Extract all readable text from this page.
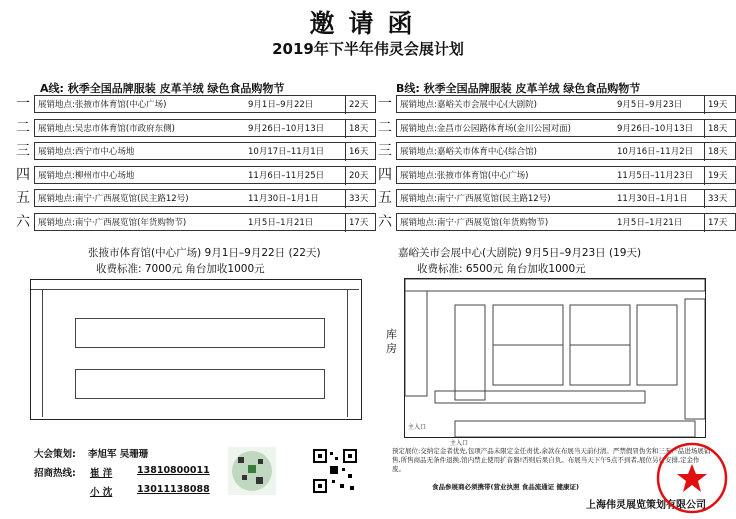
邀请函
2019年下半年伟灵会展计划
A线: 秋季全国品牌服装 皮革羊绒 绿色食品购物节	B线: 秋季全国品牌服装 皮革羊绒 绿色食品购物节
一 展销地点:张掖市体育馆(中心广场)	9月1日–9月22日	22天
二 展销地点:吴忠市体育馆(市政府东侧)	9月26日–10月13日	18天
三 展销地点:西宁市中心场地	10月17日–11月1日	16天
四 展销地点:柳州市中心场地	11月6日–11月25日	20天
五 展销地点:南宁·广西展览馆(民主路12号)	11月30日–1月1日	33天
六 展销地点:南宁·广西展览馆(年货购物节)	1月5日–1月21日	17天
一 展销地点:嘉峪关市会展中心(大剧院)	9月5日–9月23日	19天
二 展销地点:金昌市公园路体育场(金川公园对面)	9月26日–10月13日	18天
三 展销地点:嘉峪关市体育中心(综合馆)	10月16日–11月2日	18天
四 展销地点:张掖市体育馆(中心广场)	11月5日–11月23日	19天
五 展销地点:南宁·广西展览馆(民主路12号)	11月30日–1月1日	33天
六 展销地点:南宁·广西展览馆(年货购物节)	1月5日–1月21日	17天
张掖市体育馆(中心广场) 9月1日–9月22日 (22天)
收费标准: 7000元 角台加收1000元
嘉峪关市会展中心(大剧院) 9月5日–9月23日 (19天)
收费标准: 6500元 角台加收1000元
大会策划: 李旭军 吴珊珊
招商热线: 崔 洋	13810800011
小 沈	13011138088
库房
主入口
主入口
预定展位:交纳定金者优先,包项产品未限定金任责优,余款在布展当天前付清。严禁假冒伪劣和三无产品进场展销售,所售商品无条件退换,馆内禁止使用扩音器!否则后果自负。布展当天下午5点不到者,展位另行安排,定金作废。
食品参展商必须携带(营业执照 食品流通证 健康证)
上海伟灵展览策划有限公司
